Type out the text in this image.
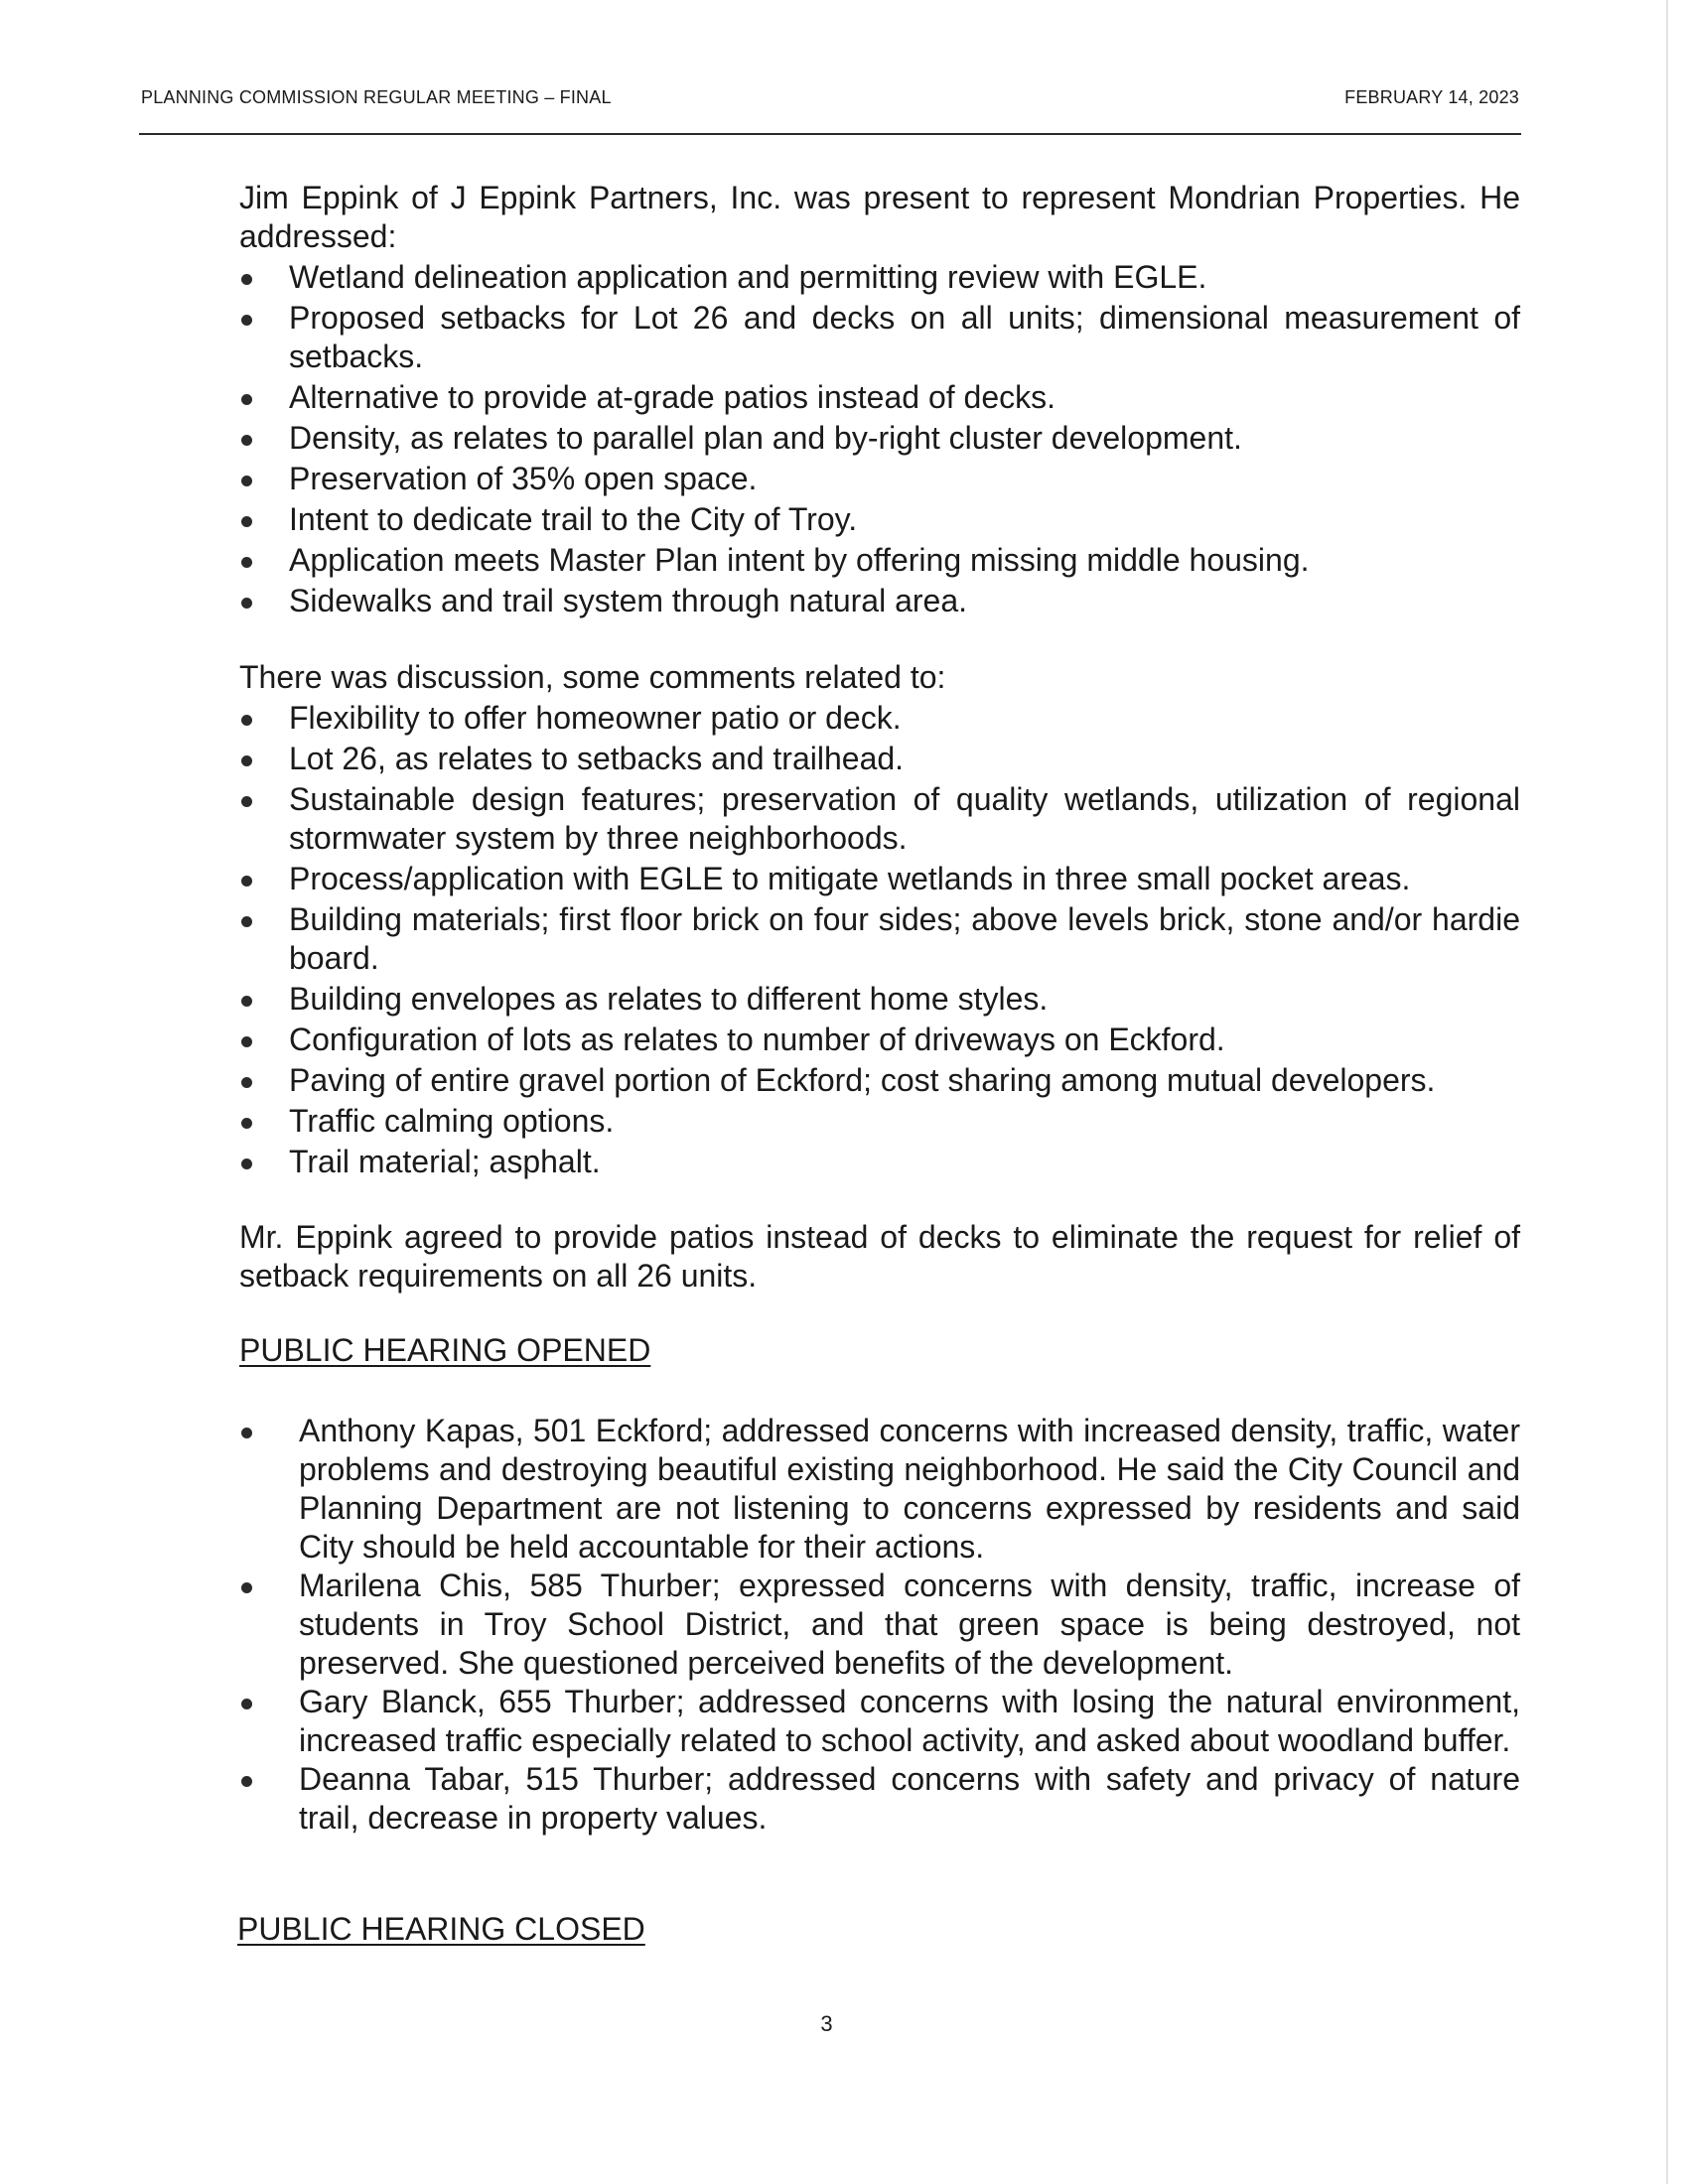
PLANNING COMMISSION REGULAR MEETING – FINAL	FEBRUARY 14, 2023

Jim Eppink of J Eppink Partners, Inc. was present to represent Mondrian Properties. He addressed:

Wetland delineation application and permitting review with EGLE.
Proposed setbacks for Lot 26 and decks on all units; dimensional measurement of setbacks.
Alternative to provide at-grade patios instead of decks.
Density, as relates to parallel plan and by-right cluster development.
Preservation of 35% open space.
Intent to dedicate trail to the City of Troy.
Application meets Master Plan intent by offering missing middle housing.
Sidewalks and trail system through natural area.

There was discussion, some comments related to:

Flexibility to offer homeowner patio or deck.
Lot 26, as relates to setbacks and trailhead.
Sustainable design features; preservation of quality wetlands, utilization of regional stormwater system by three neighborhoods.
Process/application with EGLE to mitigate wetlands in three small pocket areas.
Building materials; first floor brick on four sides; above levels brick, stone and/or hardie board.
Building envelopes as relates to different home styles.
Configuration of lots as relates to number of driveways on Eckford.
Paving of entire gravel portion of Eckford; cost sharing among mutual developers.
Traffic calming options.
Trail material; asphalt.

Mr. Eppink agreed to provide patios instead of decks to eliminate the request for relief of setback requirements on all 26 units.

PUBLIC HEARING OPENED

Anthony Kapas, 501 Eckford; addressed concerns with increased density, traffic, water problems and destroying beautiful existing neighborhood. He said the City Council and Planning Department are not listening to concerns expressed by residents and said City should be held accountable for their actions.
Marilena Chis, 585 Thurber; expressed concerns with density, traffic, increase of students in Troy School District, and that green space is being destroyed, not preserved. She questioned perceived benefits of the development.
Gary Blanck, 655 Thurber; addressed concerns with losing the natural environment, increased traffic especially related to school activity, and asked about woodland buffer.
Deanna Tabar, 515 Thurber; addressed concerns with safety and privacy of nature trail, decrease in property values.

PUBLIC HEARING CLOSED

3
